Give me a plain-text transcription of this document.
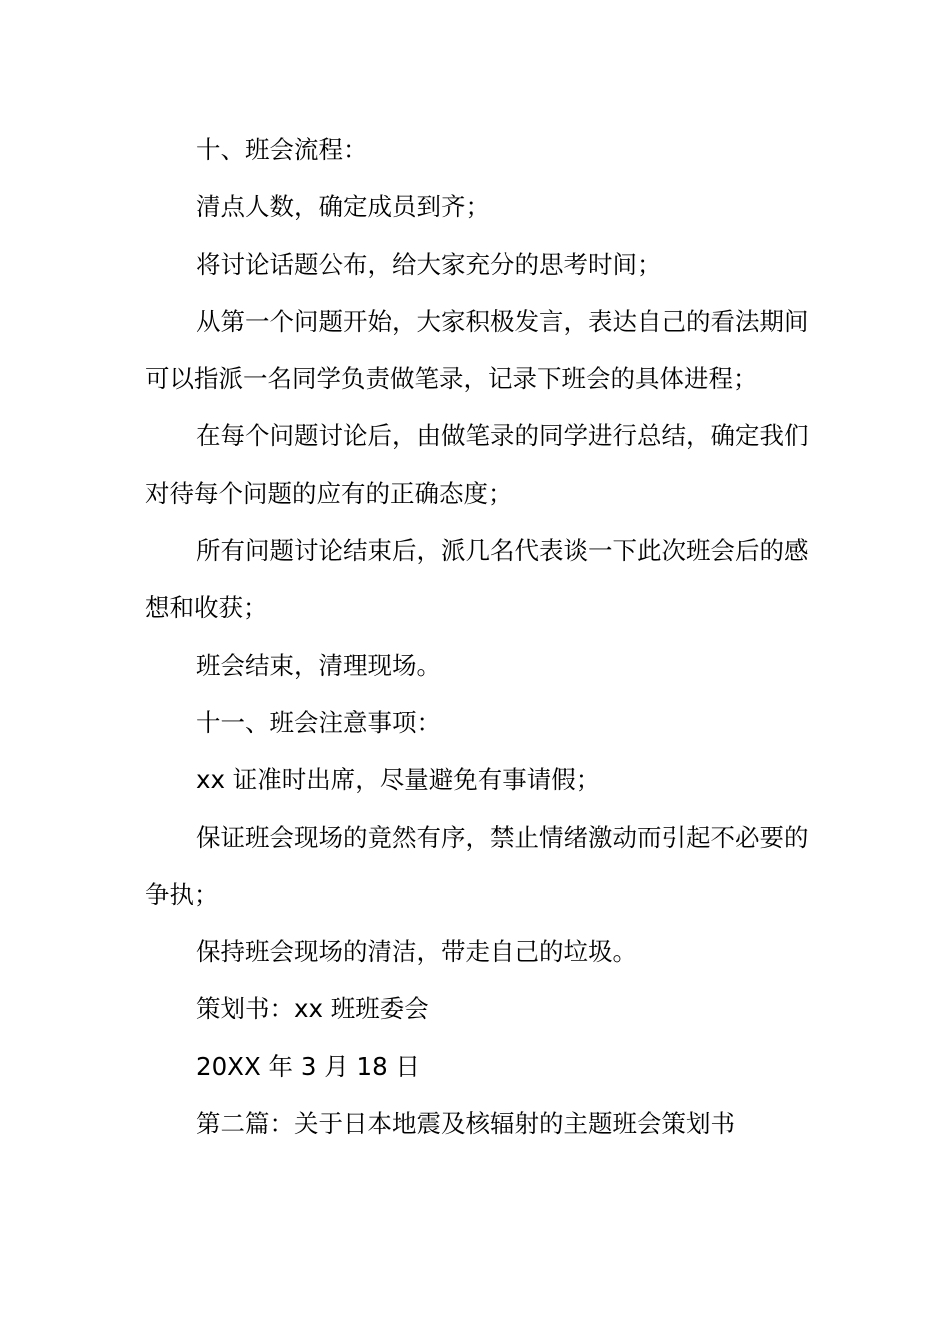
十、班会流程：

清点人数，确定成员到齐；

将讨论话题公布，给大家充分的思考时间；

从第一个问题开始，大家积极发言，表达自己的看法期间可以指派一名同学负责做笔录，记录下班会的具体进程；

在每个问题讨论后，由做笔录的同学进行总结，确定我们对待每个问题的应有的正确态度；

所有问题讨论结束后，派几名代表谈一下此次班会后的感想和收获；

班会结束，清理现场。

十一、班会注意事项：

xx 证准时出席，尽量避免有事请假；

保证班会现场的竟然有序，禁止情绪激动而引起不必要的争执；

保持班会现场的清洁，带走自己的垃圾。

策划书：xx 班班委会

20XX 年 3 月 18 日

第二篇：关于日本地震及核辐射的主题班会策划书
